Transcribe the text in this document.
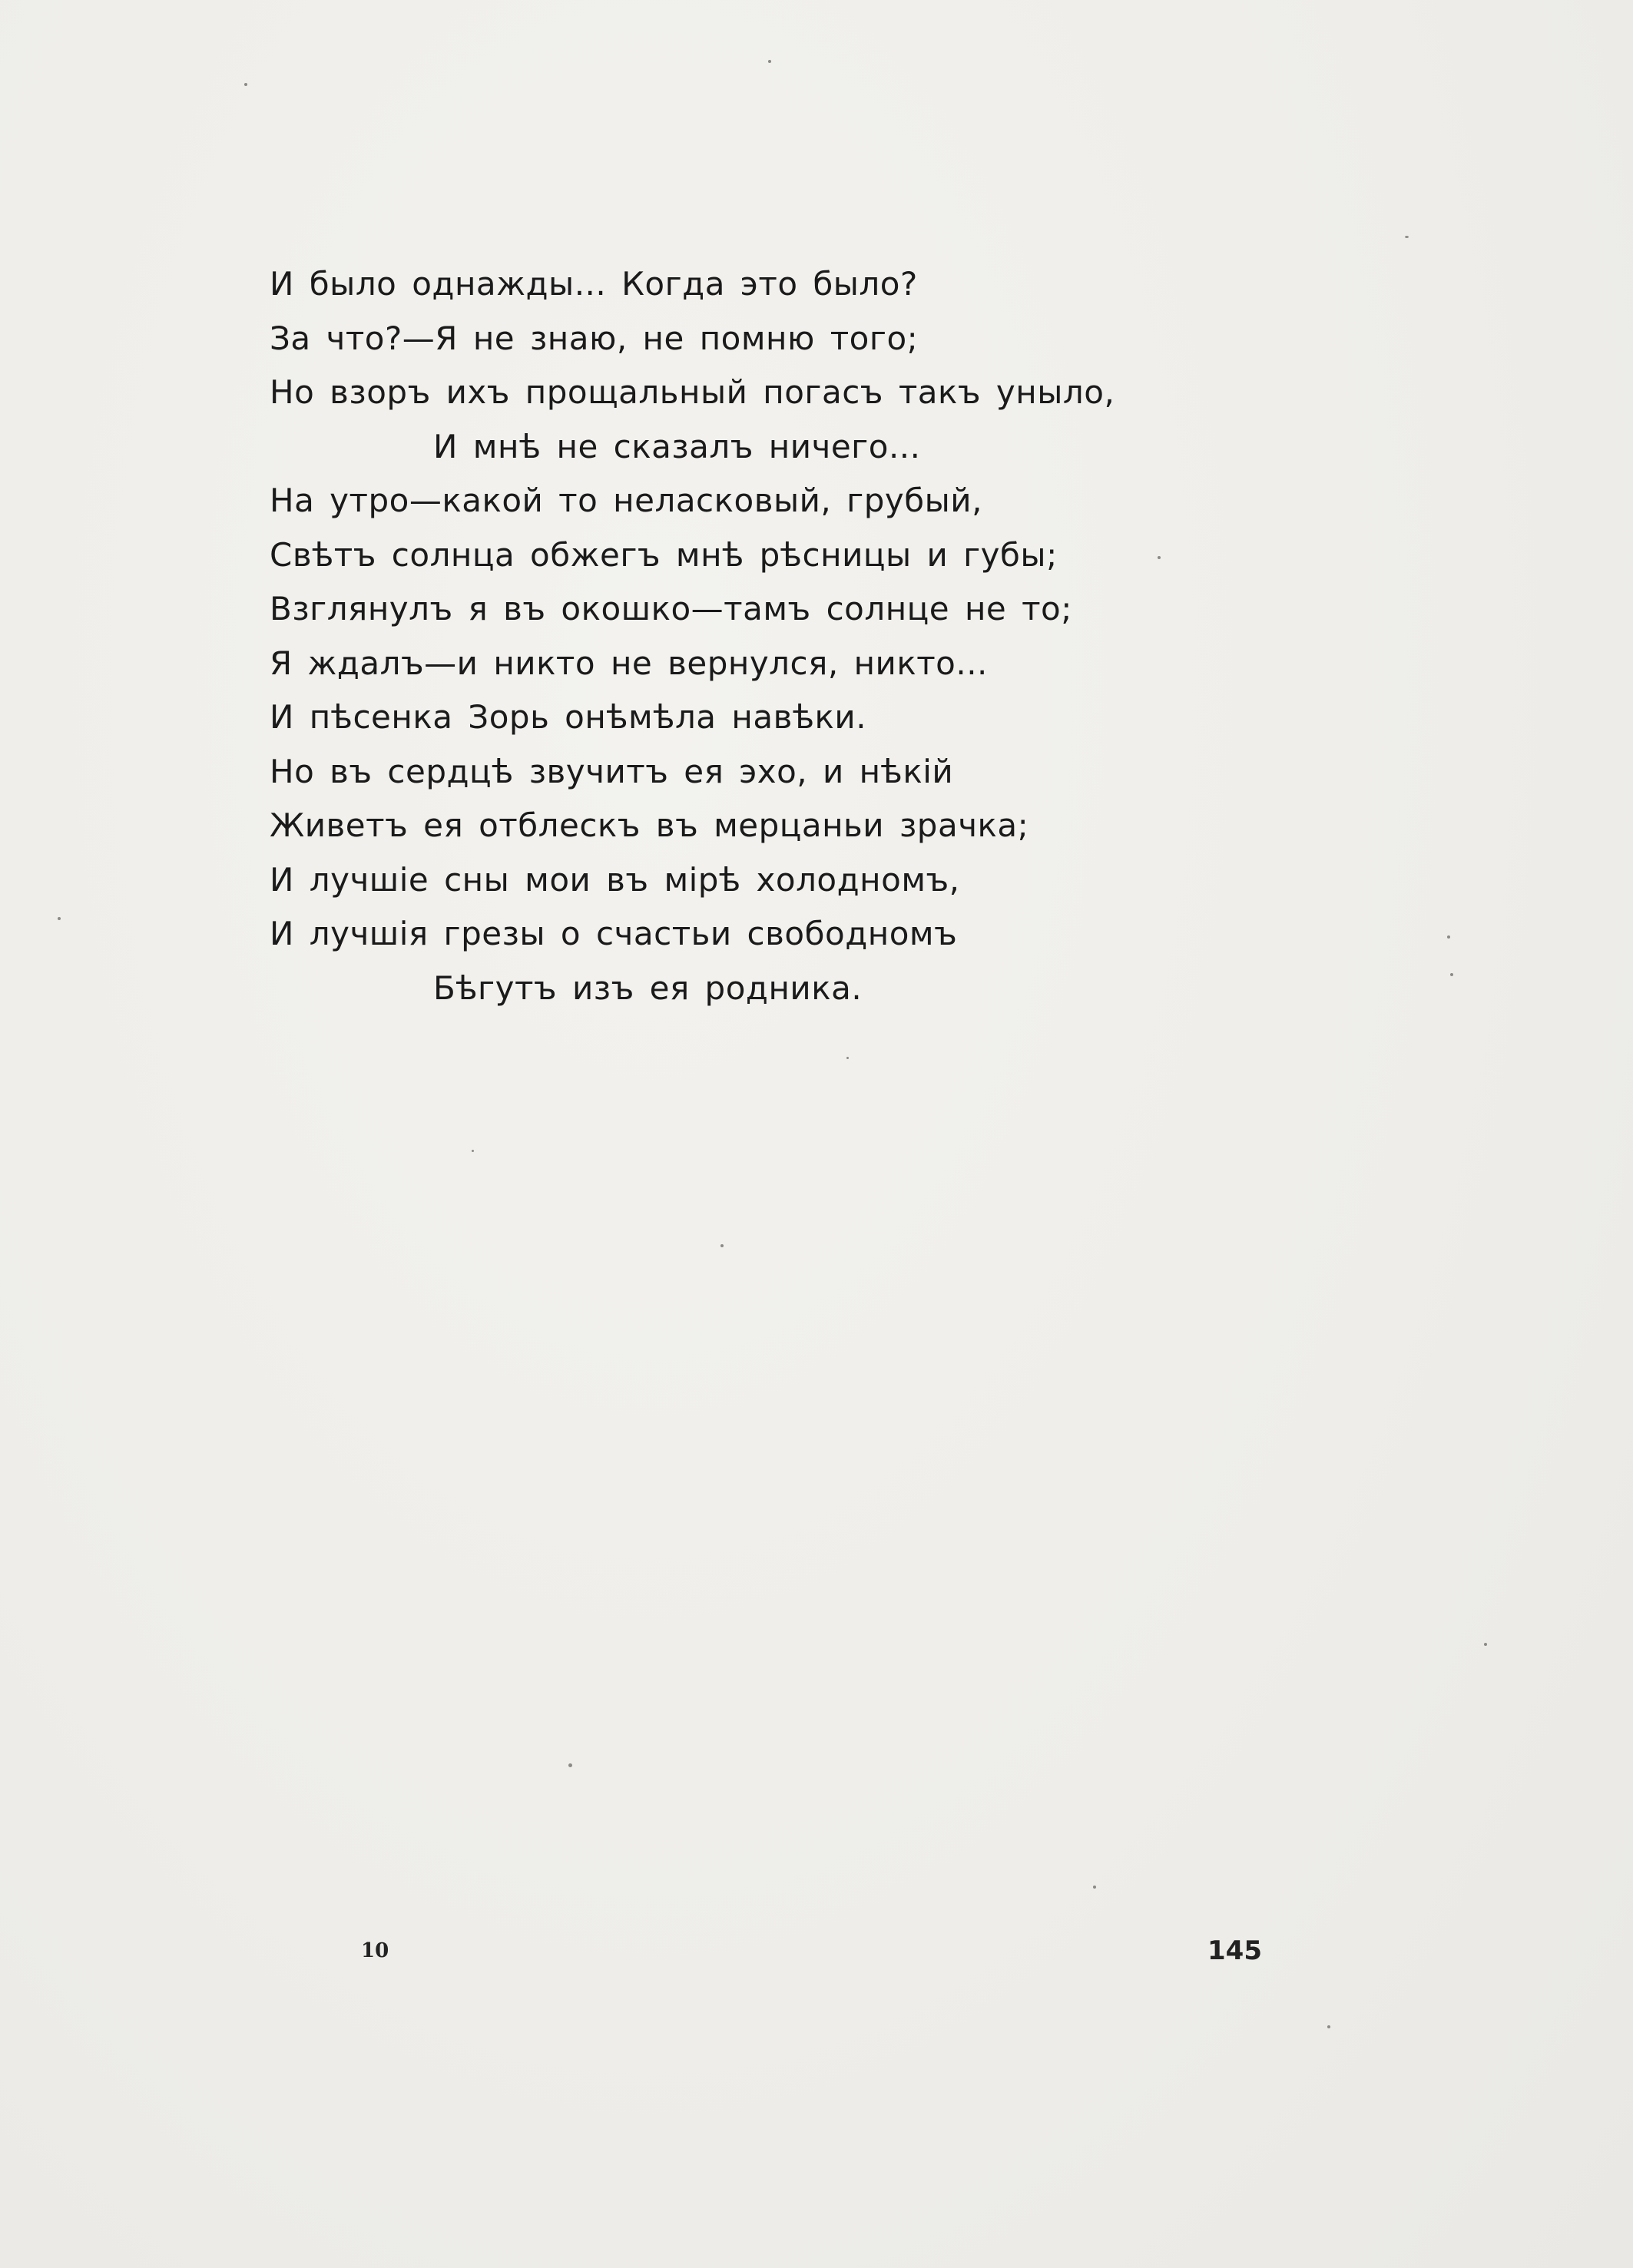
И было однажды... Когда это было?
За что?—Я не знаю, не помню того;
Но взоръ ихъ прощальный погасъ такъ уныло,
И мнѣ не сказалъ ничего...
На утро—какой то неласковый, грубый,
Свѣтъ солнца обжегъ мнѣ рѣсницы и губы;
Взглянулъ я въ окошко—тамъ солнце не то;
Я ждалъ—и никто не вернулся, никто...
И пѣсенка Зорь онѣмѣла навѣки.
Но въ сердцѣ звучитъ ея эхо, и нѣкій
Живетъ ея отблескъ въ мерцаньи зрачка;
И лучшіе сны мои въ мірѣ холодномъ,
И лучшія грезы о счастьи свободномъ
Бѣгутъ изъ ея родника.
10	145
